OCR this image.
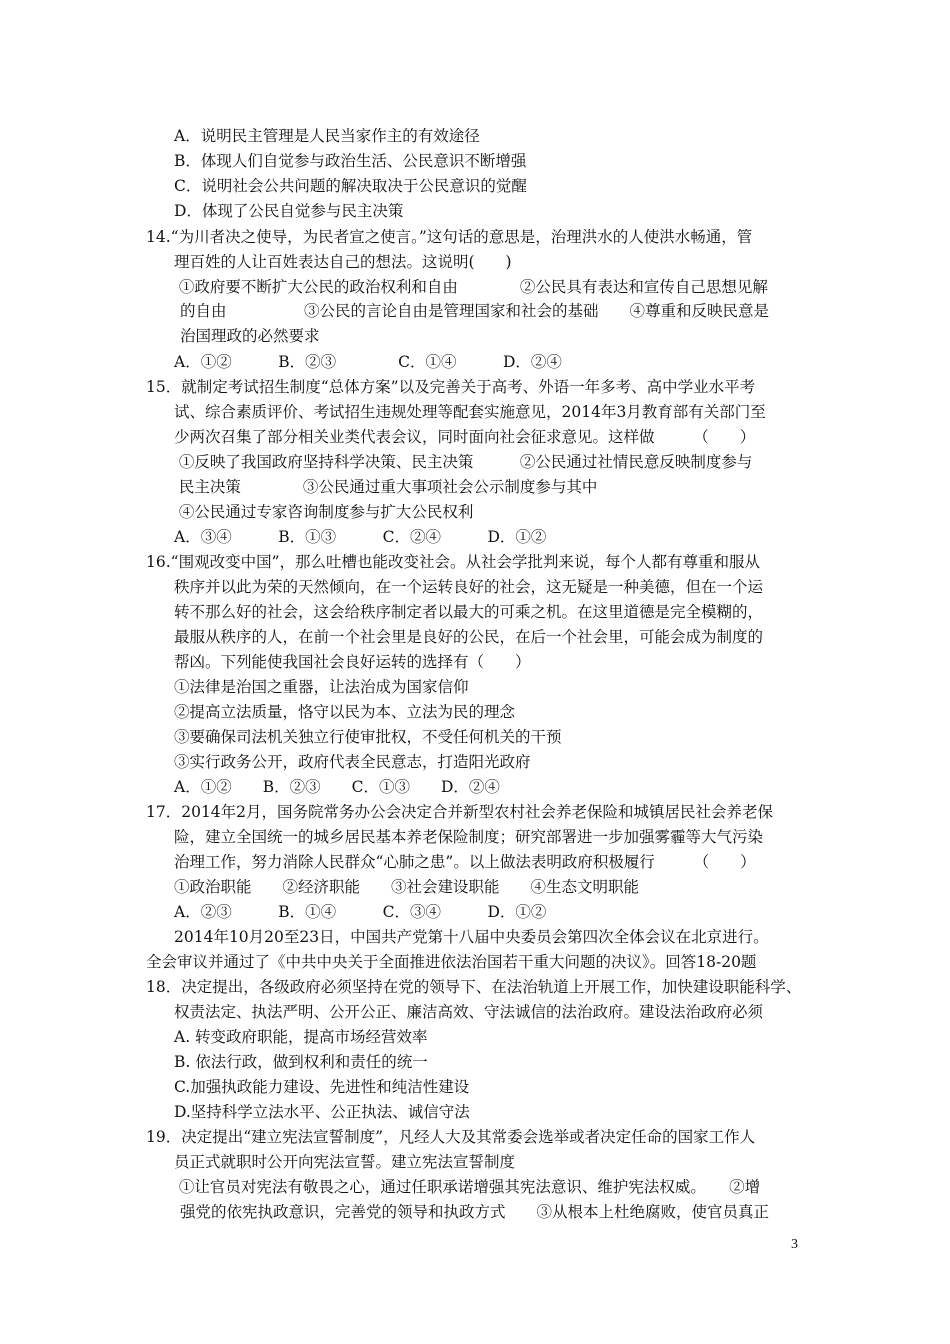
3
A．说明民主管理是人民当家作主的有效途径
B．体现人们自觉参与政治生活、公民意识不断增强
C．说明社会公共问题的解决取决于公民意识的觉醒
D．体现了公民自觉参与民主决策
14.“为川者决之使导，为民者宣之使言。”这句话的意思是，治理洪水的人使洪水畅通，管
理百姓的人让百姓表达自己的想法。这说明(　　)
①政府要不断扩大公民的政治权利和自由　　　　②公民具有表达和宣传自己思想见解
的自由　　　　　③公民的言论自由是管理国家和社会的基础　　④尊重和反映民意是
治国理政的必然要求
A．①②　　　B．②③　　　　C．①④　　　D．②④
15．就制定考试招生制度“总体方案”以及完善关于高考、外语一年多考、高中学业水平考
试、综合素质评价、考试招生违规处理等配套实施意见，2014年3月教育部有关部门至
少两次召集了部分相关业类代表会议，同时面向社会征求意见。这样做　　　（　　）
①反映了我国政府坚持科学决策、民主决策　　　②公民通过社情民意反映制度参与
民主决策　　　　③公民通过重大事项社会公示制度参与其中
④公民通过专家咨询制度参与扩大公民权利
A．③④　　　B．①③　　　C．②④　　　D．①②
16.“围观改变中国”，那么吐槽也能改变社会。从社会学批判来说，每个人都有尊重和服从
秩序并以此为荣的天然倾向，在一个运转良好的社会，这无疑是一种美德，但在一个运
转不那么好的社会，这会给秩序制定者以最大的可乘之机。在这里道德是完全模糊的，
最服从秩序的人，在前一个社会里是良好的公民，在后一个社会里，可能会成为制度的
帮凶。下列能使我国社会良好运转的选择有（　　）
①法律是治国之重器，让法治成为国家信仰
②提高立法质量，恪守以民为本、立法为民的理念
③要确保司法机关独立行使审批权，不受任何机关的干预
③实行政务公开，政府代表全民意志，打造阳光政府
A．①②　　B．②③　　C．①③　　D．②④
17．2014年2月，国务院常务办公会决定合并新型农村社会养老保险和城镇居民社会养老保
险，建立全国统一的城乡居民基本养老保险制度；研究部署进一步加强雾霾等大气污染
治理工作，努力消除人民群众“心肺之患”。以上做法表明政府积极履行　　　（　　）
①政治职能　　②经济职能　　③社会建设职能　　④生态文明职能
A．②③　　　B．①④　　　C．③④　　　D．①②
2014年10月20至23日，中国共产党第十八届中央委员会第四次全体会议在北京进行。
全会审议并通过了《中共中央关于全面推进依法治国若干重大问题的决议》。回答18-20题
18．决定提出，各级政府必须坚持在党的领导下、在法治轨道上开展工作，加快建设职能科学、
权责法定、执法严明、公开公正、廉洁高效、守法诚信的法治政府。建设法治政府必须
A. 转变政府职能，提高市场经营效率
B. 依法行政，做到权利和责任的统一
C.加强执政能力建设、先进性和纯洁性建设
D.坚持科学立法水平、公正执法、诚信守法
19．决定提出“建立宪法宣誓制度”，凡经人大及其常委会选举或者决定任命的国家工作人
员正式就职时公开向宪法宣誓。建立宪法宣誓制度
①让官员对宪法有敬畏之心，通过任职承诺增强其宪法意识、维护宪法权威。　　②增
强党的依宪执政意识，完善党的领导和执政方式　　③从根本上杜绝腐败，使官员真正
